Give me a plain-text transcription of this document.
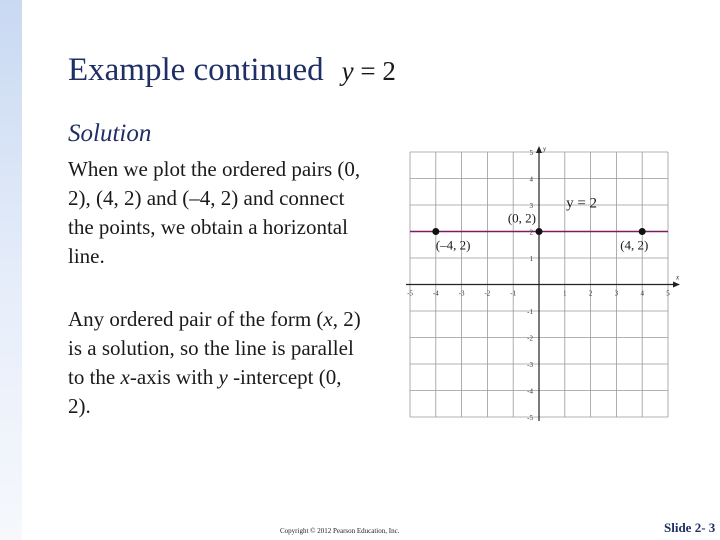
Example continued y = 2
Solution
When we plot the ordered pairs (0, 2), (4, 2) and (–4, 2) and connect the points, we obtain a horizontal line.
Any ordered pair of the form (x, 2) is a solution, so the line is parallel to the x-axis with y -intercept (0, 2).
x
y
-5	-4	-3	-2	-1	1	2	3	4	5
5
4
3
2
1
-1
-2
-3
-4
-5
y = 2
(–4, 2)
(0, 2)
(4, 2)
Copyright © 2012 Pearson Education, Inc.	Slide 2- 3
